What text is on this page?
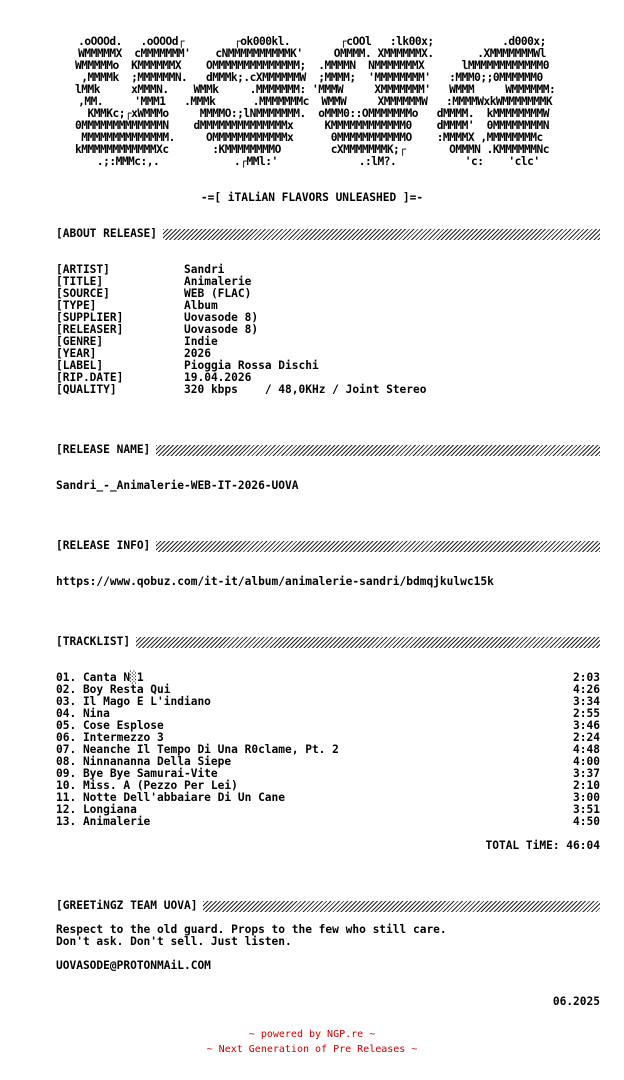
.oOOOd.   .oOOOd┌        ┌ok000kl.        ┌cOOl   :lk00x;           .d000x;
WMMMMMX  cMMMMMMM'    cNMMMMMMMMMMK'     OMMMM. XMMMMMMX.       .XMMMMMMMWl
WMMMMMo  KMMMMMMX    OMMMMMMMMMMMMMM;  .MMMMN  NMMMMMMMX      lMMMMMMMMMMMM0
,MMMMk  ;MMMMMMN.   dMMMk;.cXMMMMMMW  ;MMMM;  'MMMMMMMM'   :MMM0;;0MMMMMM0
lMMk     xMMMN.    WMMk     .MMMMMMM: 'MMMW     XMMMMMMM'   WMMM     WMMMMMM:
,MM.     'MMM1   .MMMk      .MMMMMMMc  WMMW     XMMMMMMW   :MMMMWxkWMMMMMMMK
KMMKc;┌xWMMMo     MMMMO:;lNMMMMMMM.  oMMM0::OMMMMMMMo   dMMMM.  kMMMMMMMMW
0MMMMMMMMMMMMMN    dMMMMMMMMMMMMMMx     KMMMMMMMMMMMM0    dMMMM'  0MMMMMMMMN
MMMMMMMMMMMMMM.     OMMMMMMMMMMMMx      0MMMMMMMMMMMO    :MMMMX ,MMMMMMMMc
kMMMMMMMMMMMMXc       :KMMMMMMMMO        cXMMMMMMMK;┌       OMMMN .KMMMMMMNc
.;:MMMc:,.            .┌MMl:'             .:lM?.           'c:    'clc'
-=[ iTALiAN FLAVORS UNLEASHED ]=-
[ABOUT RELEASE]
[ARTIST]	Sandri
[TITLE]	Animalerie
[SOURCE]	WEB (FLAC)
[TYPE]	Album
[SUPPLIER]	Uovasode 8)
[RELEASER]	Uovasode 8)
[GENRE]	Indie
[YEAR]	2026
[LABEL]	Pioggia Rossa Dischi
[RIP.DATE]	19.04.2026
[QUALITY]	320 kbps    / 48,0KHz / Joint Stereo
[RELEASE NAME]
Sandri_-_Animalerie-WEB-IT-2026-UOVA
[RELEASE INFO]
https://www.qobuz.com/it-it/album/animalerie-sandri/bdmqjkulwc15k
[TRACKLIST]
01. Canta N░1	2:03
02. Boy Resta Qui	4:26
03. Il Mago E L'indiano	3:34
04. Nina	2:55
05. Cose Esplose	3:46
06. Intermezzo 3	2:24
07. Neanche Il Tempo Di Una R0clame, Pt. 2	4:48
08. Ninnananna Della Siepe	4:00
09. Bye Bye Samurai-Vite	3:37
10. Miss. A (Pezzo Per Lei)	2:10
11. Notte Dell'abbaiare Di Un Cane	3:00
12. Longiana	3:51
13. Animalerie	4:50
TOTAL TiME: 46:04
[GREETiNGZ TEAM UOVA]
Respect to the old guard. Props to the few who still care.
Don't ask. Don't sell. Just listen.
UOVASODE@PROTONMAiL.COM
06.2025
~ powered by NGP.re ~
~ Next Generation of Pre Releases ~
